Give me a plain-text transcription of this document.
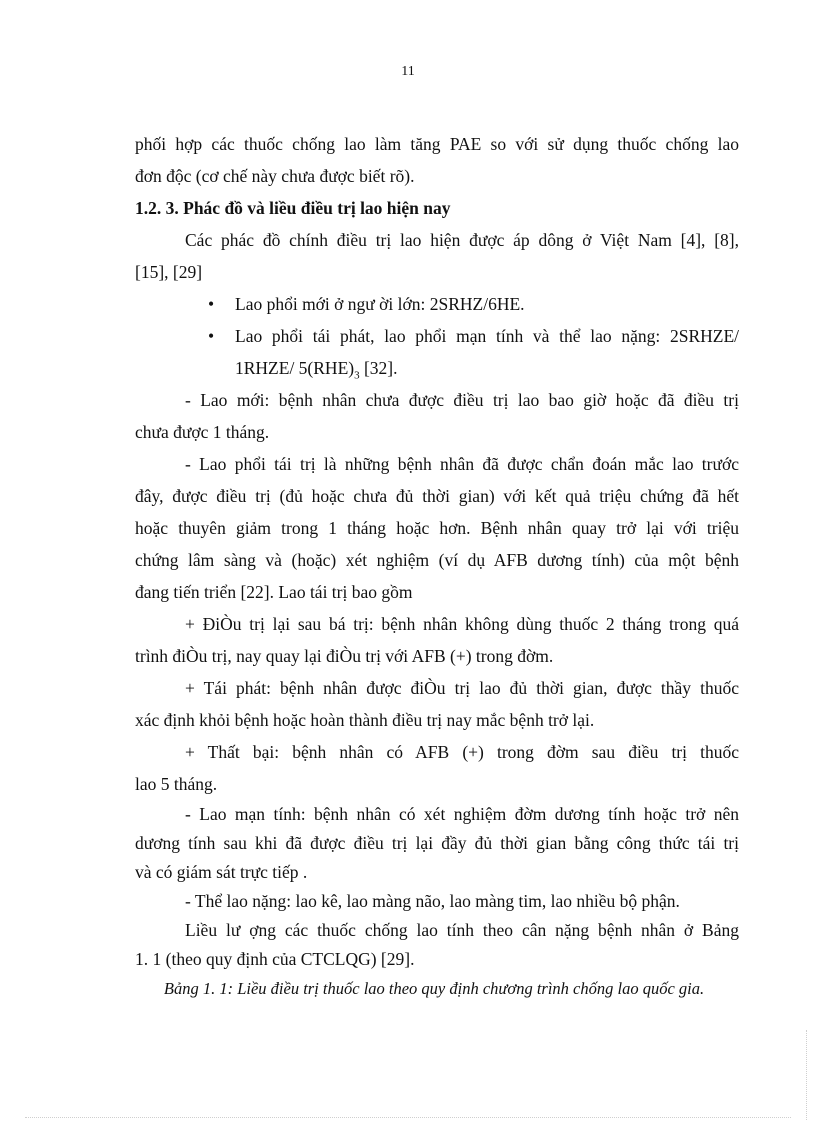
11
phối hợp các thuốc chống lao làm tăng PAE so với sử dụng thuốc chống lao
đơn độc (cơ chế này chưa được biết rõ).
1.2. 3. Phác đồ và liều điều trị lao hiện nay
Các phác đồ chính điều trị lao hiện được áp dông ở Việt Nam [4], [8],
[15], [29]
•	Lao phổi mới ở ngư ời lớn: 2SRHZ/6HE.
•	Lao phổi tái phát, lao phổi mạn tính và thể lao nặng: 2SRHZE/
1RHZE/ $5(RHE)_3$ [32].
- Lao mới: bệnh nhân chưa được điều trị lao bao giờ hoặc đã điều trị
chưa được 1 tháng.
- Lao phổi tái trị là những bệnh nhân đã được chẩn đoán mắc lao trước
đây, được điều trị (đủ hoặc chưa đủ thời gian) với kết quả triệu chứng đã hết
hoặc thuyên giảm trong 1 tháng hoặc hơn. Bệnh nhân quay trở lại với triệu
chứng lâm sàng và (hoặc) xét nghiệm (ví dụ AFB dương tính) của một bệnh
đang tiến triển [22]. Lao tái trị bao gồm
+ ĐiÒu trị lại sau bá trị: bệnh nhân không dùng thuốc 2 tháng trong quá
trình điÒu trị, nay quay lại điÒu trị với AFB (+) trong đờm.
+ Tái phát: bệnh nhân được điÒu trị lao đủ thời gian, được thầy thuốc
xác định khỏi bệnh hoặc hoàn thành điều trị nay mắc bệnh trở lại.
+ Thất bại: bệnh nhân có AFB (+) trong đờm sau điều trị thuốc
lao 5 tháng.
- Lao mạn tính: bệnh nhân có xét nghiệm đờm dương tính hoặc trở nên
dương tính sau khi đã được điều trị lại đầy đủ thời gian bằng công thức tái trị
và có giám sát trực tiếp .
- Thể lao nặng: lao kê, lao màng não, lao màng tim, lao nhiều bộ phận.
Liều lư ợng các thuốc chống lao tính theo cân nặng bệnh nhân ở Bảng
1. 1 (theo quy định của CTCLQG) [29].
Bảng 1. 1: Liều điều trị thuốc lao theo quy định chương trình chống lao quốc gia.
